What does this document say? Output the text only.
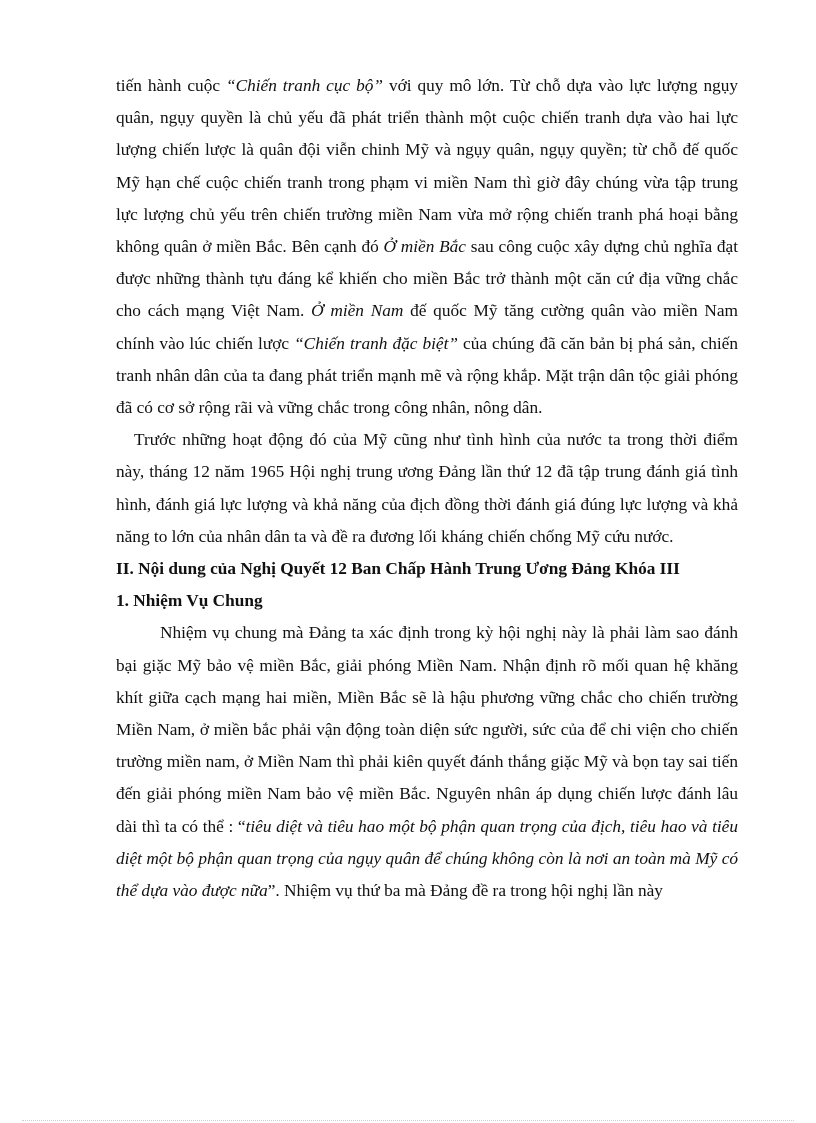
tiến hành cuộc “Chiến tranh cục bộ” với quy mô lớn. Từ chỗ dựa vào lực lượng ngụy quân, ngụy quyền là chủ yếu đã phát triển thành một cuộc chiến tranh dựa vào hai lực lượng chiến lược là quân đội viễn chinh Mỹ và ngụy quân, ngụy quyền; từ chỗ đế quốc Mỹ hạn chế cuộc chiến tranh trong phạm vi miền Nam thì giờ đây chúng vừa tập trung lực lượng chủ yếu trên chiến trường miền Nam vừa mở rộng chiến tranh phá hoại bằng không quân ở miền Bắc. Bên cạnh đó Ở miền Bắc sau công cuộc xây dựng chủ nghĩa đạt được những thành tựu đáng kể khiến cho miền Bắc trở thành một căn cứ địa vững chắc cho cách mạng Việt Nam. Ở miền Nam đế quốc Mỹ tăng cường quân vào miền Nam chính vào lúc chiến lược “Chiến tranh đặc biệt” của chúng đã căn bản bị phá sản, chiến tranh nhân dân của ta đang phát triển mạnh mẽ và rộng khắp. Mặt trận dân tộc giải phóng đã có cơ sở rộng rãi và vững chắc trong công nhân, nông dân.

Trước những hoạt động đó của Mỹ cũng như tình hình của nước ta trong thời điểm này, tháng 12 năm 1965 Hội nghị trung ương Đảng lần thứ 12 đã tập trung đánh giá tình hình, đánh giá lực lượng và khả năng của địch đồng thời đánh giá đúng lực lượng và khả năng to lớn của nhân dân ta và đề ra đương lối kháng chiến chống Mỹ cứu nước.

II. Nội dung của Nghị Quyết 12 Ban Chấp Hành Trung Ương Đảng Khóa III
1. Nhiệm Vụ Chung

Nhiệm vụ chung mà Đảng ta xác định trong kỳ hội nghị này là phải làm sao đánh bại giặc Mỹ bảo vệ miền Bắc, giải phóng Miền Nam. Nhận định rõ mối quan hệ khăng khít giữa cạch mạng hai miền, Miền Bắc sẽ là hậu phương vững chắc cho chiến trường Miền Nam, ở miền bắc phải vận động toàn diện sức người, sức của để chi viện cho chiến trường miền nam, ở Miền Nam thì phải kiên quyết đánh thắng giặc Mỹ và bọn tay sai tiến đến giải phóng miền Nam bảo vệ miền Bắc. Nguyên nhân áp dụng chiến lược đánh lâu dài thì ta có thể : “tiêu diệt và tiêu hao một bộ phận quan trọng của địch, tiêu hao và tiêu diệt một bộ phận quan trọng của ngụy quân để chúng không còn là nơi an toàn mà Mỹ có thể dựa vào được nữa”. Nhiệm vụ thứ ba mà Đảng đề ra trong hội nghị lần này
